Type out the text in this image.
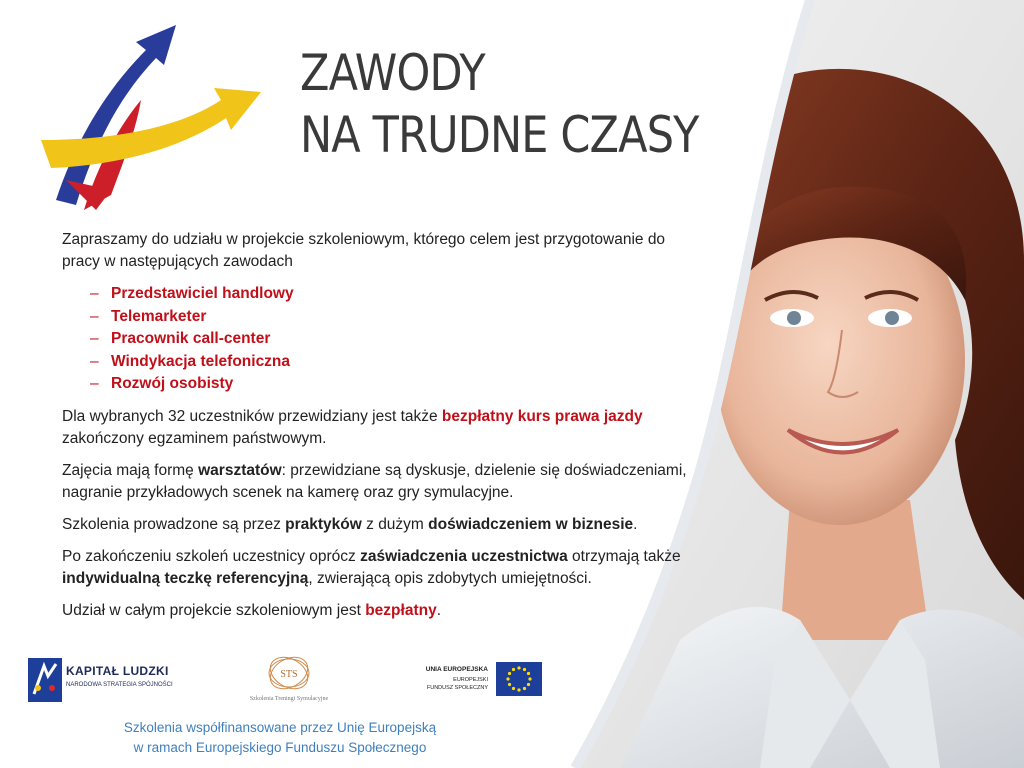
ZAWODY
NA TRUDNE CZASY

Zapraszamy do udziału w projekcie szkoleniowym, którego celem jest przygotowanie do pracy w następujących zawodach

– Przedstawiciel handlowy
– Telemarketer
– Pracownik call-center
– Windykacja telefoniczna
– Rozwój osobisty

Dla wybranych 32 uczestników przewidziany jest także bezpłatny kurs prawa jazdy zakończony egzaminem państwowym.

Zajęcia mają formę warsztatów: przewidziane są dyskusje, dzielenie się doświadczeniami, nagranie przykładowych scenek na kamerę oraz gry symulacyjne.

Szkolenia prowadzone są przez praktyków z dużym doświadczeniem w biznesie.

Po zakończeniu szkoleń uczestnicy oprócz zaświadczenia uczestnictwa otrzymają także indywidualną teczkę referencyjną, zwierającą opis zdobytych umiejętności.

Udział w całym projekcie szkoleniowym jest bezpłatny.

KAPITAŁ LUDZKI
NARODOWA STRATEGIA SPÓJNOŚCI
STS
Szkolenia Treningi Symulacyjne
UNIA EUROPEJSKA
EUROPEJSKI
FUNDUSZ SPOŁECZNY
Szkolenia współfinansowane przez Unię Europejską
w ramach Europejskiego Funduszu Społecznego
